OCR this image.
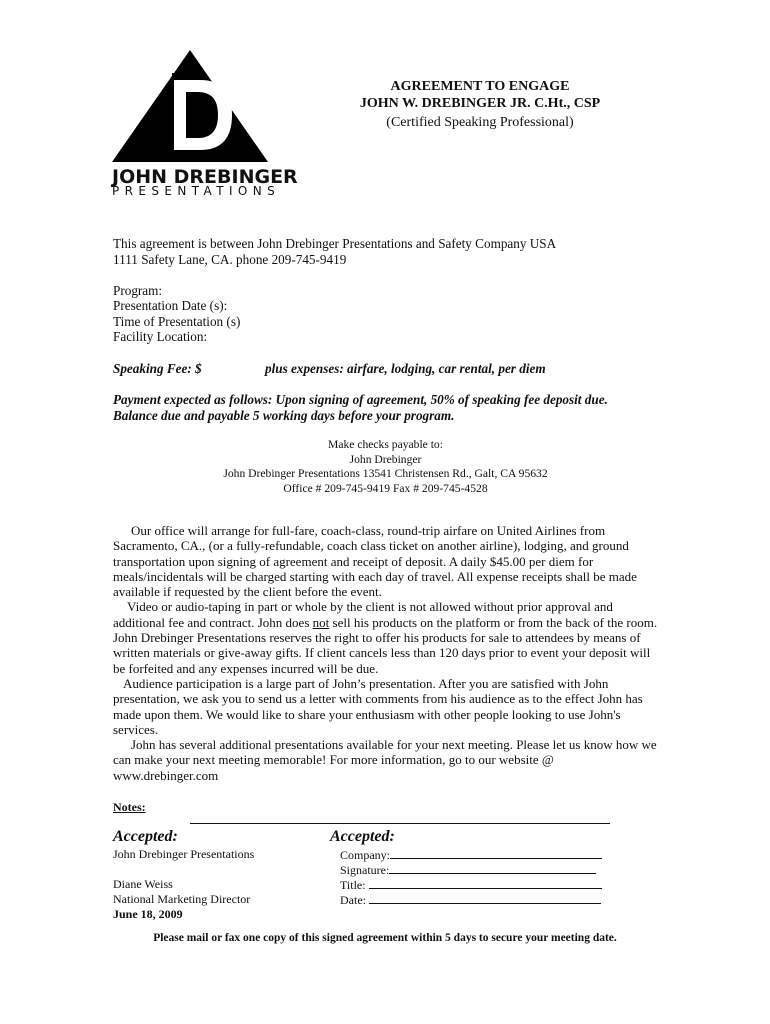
JOHN DREBINGER
PRESENTATIONS
AGREEMENT TO ENGAGE
JOHN W. DREBINGER JR. C.Ht., CSP
(Certified Speaking Professional)
This agreement is between John Drebinger Presentations and Safety Company USA
1111 Safety Lane, CA. phone 209-745-9419
Program:
Presentation Date (s):
Time of Presentation (s)
Facility Location:
Speaking Fee: $	plus expenses: airfare, lodging, car rental, per diem
Payment expected as follows: Upon signing of agreement, 50% of speaking fee deposit due.
Balance due and payable 5 working days before your program.
Make checks payable to:
John Drebinger
John Drebinger Presentations 13541 Christensen Rd., Galt, CA 95632
Office # 209-745-9419 Fax # 209-745-4528

Our office will arrange for full-fare, coach-class, round-trip airfare on United Airlines from Sacramento, CA., (or a fully-refundable, coach class ticket on another airline), lodging, and ground transportation upon signing of agreement and receipt of deposit. A daily $45.00 per diem for meals/incidentals will be charged starting with each day of travel. All expense receipts shall be made available if requested by the client before the event.

Video or audio-taping in part or whole by the client is not allowed without prior approval and additional fee and contract. John does not sell his products on the platform or from the back of the room. John Drebinger Presentations reserves the right to offer his products for sale to attendees by means of written materials or give-away gifts. If client cancels less than 120 days prior to event your deposit will be forfeited and any expenses incurred will be due.

Audience participation is a large part of John’s presentation. After you are satisfied with John presentation, we ask you to send us a letter with comments from his audience as to the effect John has made upon them. We would like to share your enthusiasm with other people looking to use John's services.

John has several additional presentations available for your next meeting. Please let us know how we can make your next meeting memorable! For more information, go to our website @ www.drebinger.com

Notes:
Accepted:
John Drebinger Presentations
Diane Weiss
National Marketing Director
June 18, 2009
Accepted:
Company:
Signature:
Title:
Date:
Please mail or fax one copy of this signed agreement within 5 days to secure your meeting date.
